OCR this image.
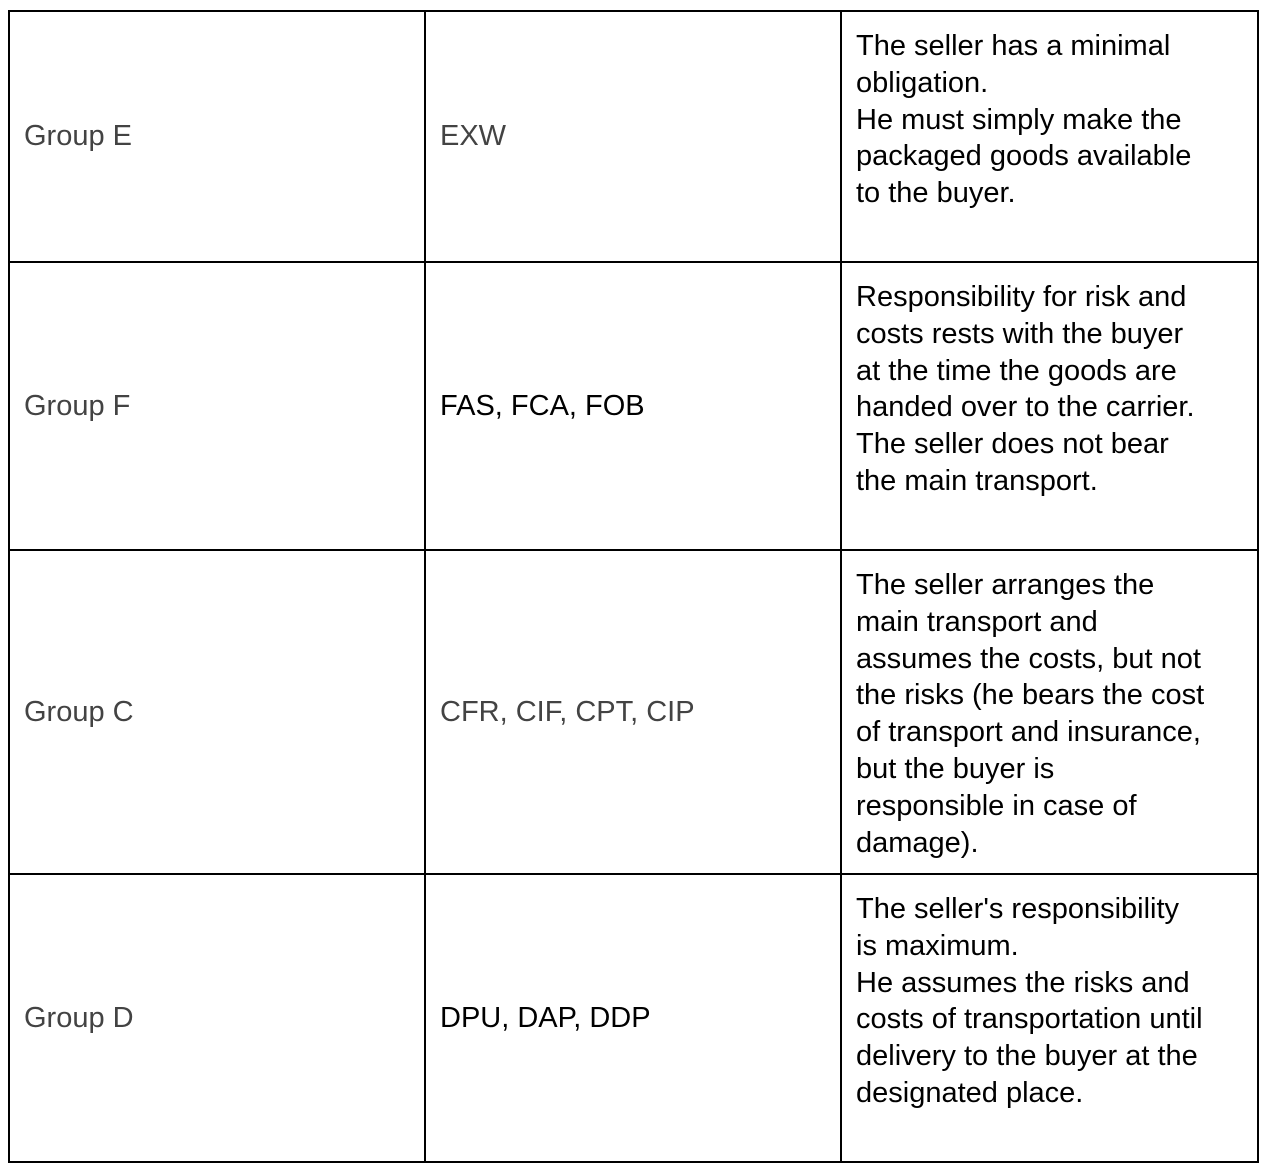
Group E	EXW	The seller has a minimal
obligation.
He must simply make the
packaged goods available
to the buyer.

Group F	FAS, FCA, FOB	
Responsibility for risk and
costs rests with the buyer
at the time the goods are
handed over to the carrier.
The seller does not bear
the main transport.

Group C	CFR, CIF, CPT, CIP	
The seller arranges the
main transport and
assumes the costs, but not
the risks (he bears the cost
of transport and insurance,
but the buyer is
responsible in case of
damage).

Group D	DPU, DAP, DDP	
The seller's responsibility
is maximum.
He assumes the risks and
costs of transportation until
delivery to the buyer at the
designated place.
